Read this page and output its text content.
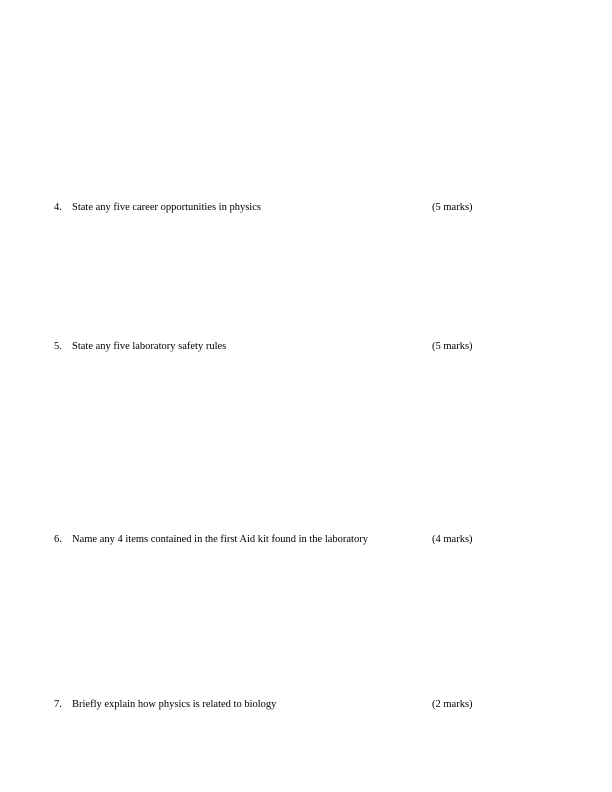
4. State any five career opportunities in physics	(5 marks)
5. State any five laboratory safety rules	(5 marks)
6. Name any 4 items contained in the first Aid kit found in the laboratory	(4 marks)
7. Briefly explain how physics is related to biology	(2 marks)
